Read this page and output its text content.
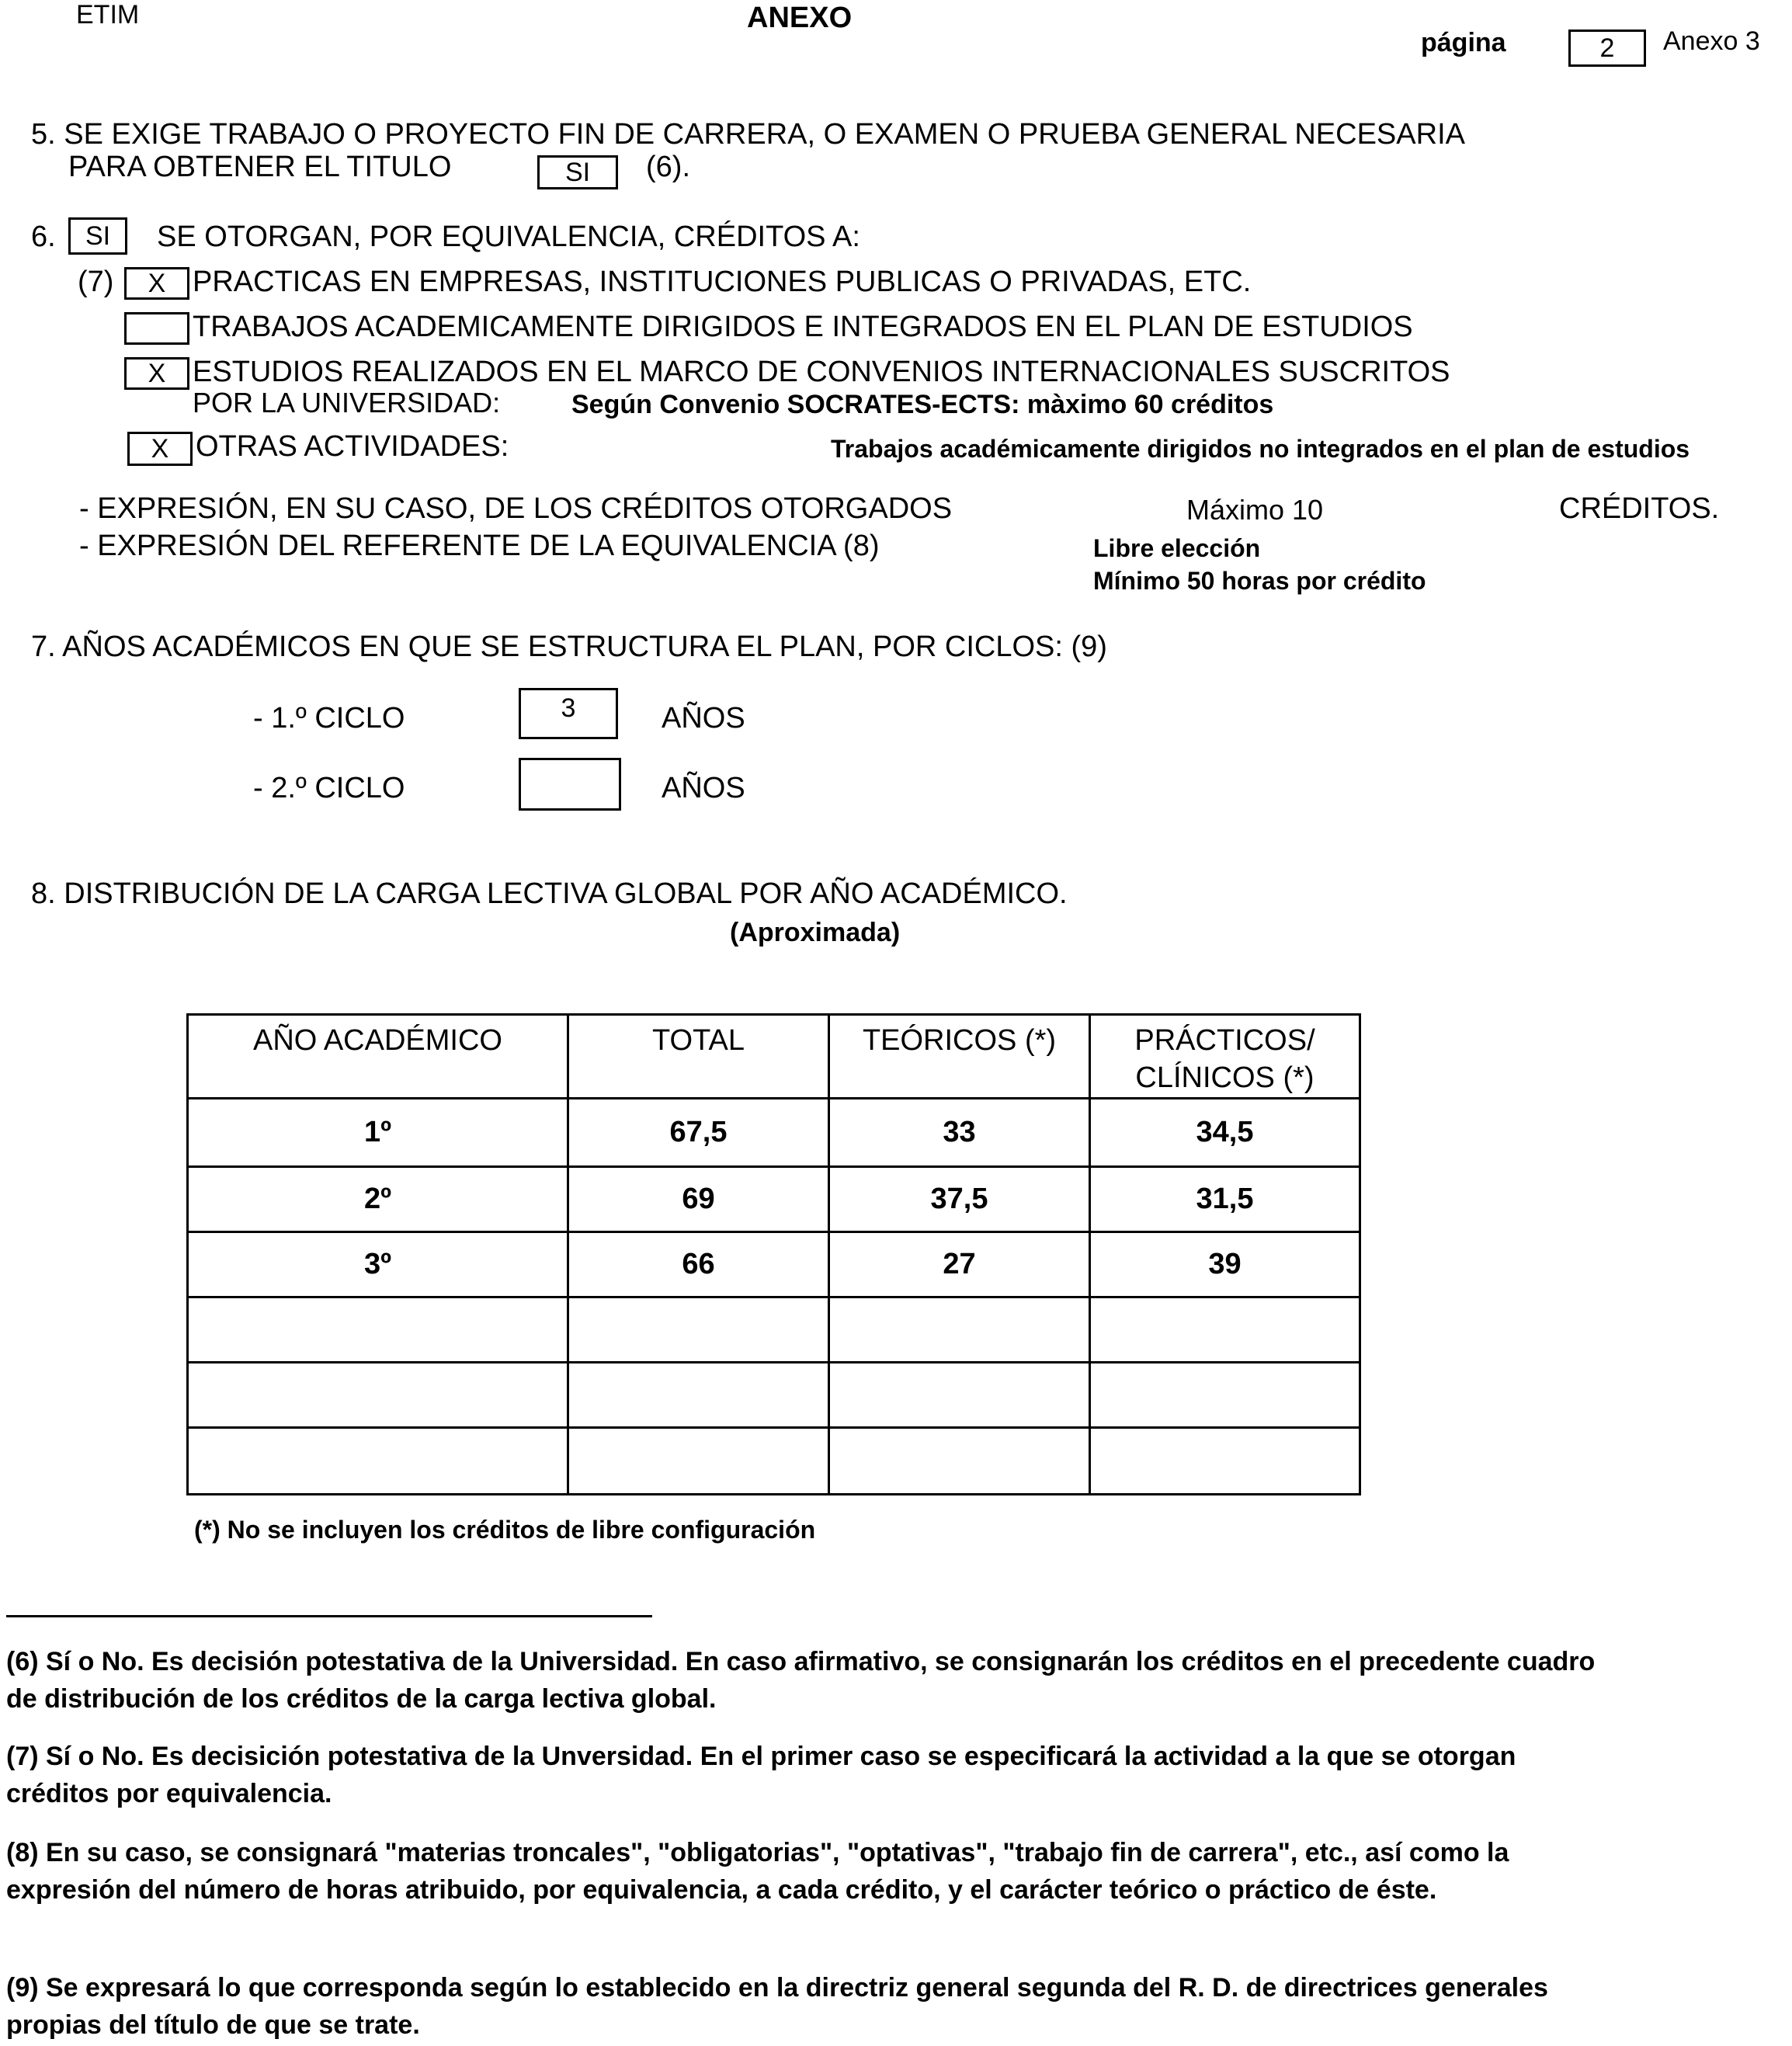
ETIM	ANEXO
página	2	Anexo 3
5. SE EXIGE TRABAJO O PROYECTO FIN DE CARRERA, O EXAMEN O PRUEBA GENERAL NECESARIA
PARA OBTENER EL TITULO	SI	(6).
6.	SI	SE OTORGAN, POR EQUIVALENCIA, CRÉDITOS A:
(7)	X PRACTICAS EN EMPRESAS, INSTITUCIONES PUBLICAS O PRIVADAS, ETC.
TRABAJOS ACADEMICAMENTE DIRIGIDOS E INTEGRADOS EN EL PLAN DE ESTUDIOS
X ESTUDIOS REALIZADOS EN EL MARCO DE CONVENIOS INTERNACIONALES SUSCRITOS
POR LA UNIVERSIDAD:	Según Convenio SOCRATES-ECTS: màximo 60 créditos
X OTRAS ACTIVIDADES:	Trabajos académicamente dirigidos no integrados en el plan de estudios
- EXPRESIÓN, EN SU CASO, DE LOS CRÉDITOS OTORGADOS	Máximo 10	CRÉDITOS.
- EXPRESIÓN DEL REFERENTE DE LA EQUIVALENCIA (8)	Libre elección
Mínimo 50 horas por crédito
7. AÑOS ACADÉMICOS EN QUE SE ESTRUCTURA EL PLAN, POR CICLOS: (9)
- 1.º CICLO	3	AÑOS
- 2.º CICLO	AÑOS
8. DISTRIBUCIÓN DE LA CARGA LECTIVA GLOBAL POR AÑO ACADÉMICO.
(Aproximada)
AÑO ACADÉMICO	TOTAL	TEÓRICOS (*)	PRÁCTICOS/ CLÍNICOS (*)
1º	67,5	33	34,5
2º	69	37,5	31,5
3º	66	27	39

(*) No se incluyen los créditos de libre configuración
(6) Sí o No. Es decisión potestativa de la Universidad. En caso afirmativo, se consignarán los créditos en el precedente cuadro de distribución de los créditos de la carga lectiva global.
(7) Sí o No. Es decisición potestativa de la Unversidad. En el primer caso se especificará la actividad a la que se otorgan créditos por equivalencia.
(8) En su caso, se consignará "materias troncales", "obligatorias", "optativas", "trabajo fin de carrera", etc., así como la expresión del número de horas atribuido, por equivalencia, a cada crédito, y el carácter teórico o práctico de éste.
(9) Se expresará lo que corresponda según lo establecido en la directriz general segunda del R. D. de directrices generales propias del título de que se trate.
